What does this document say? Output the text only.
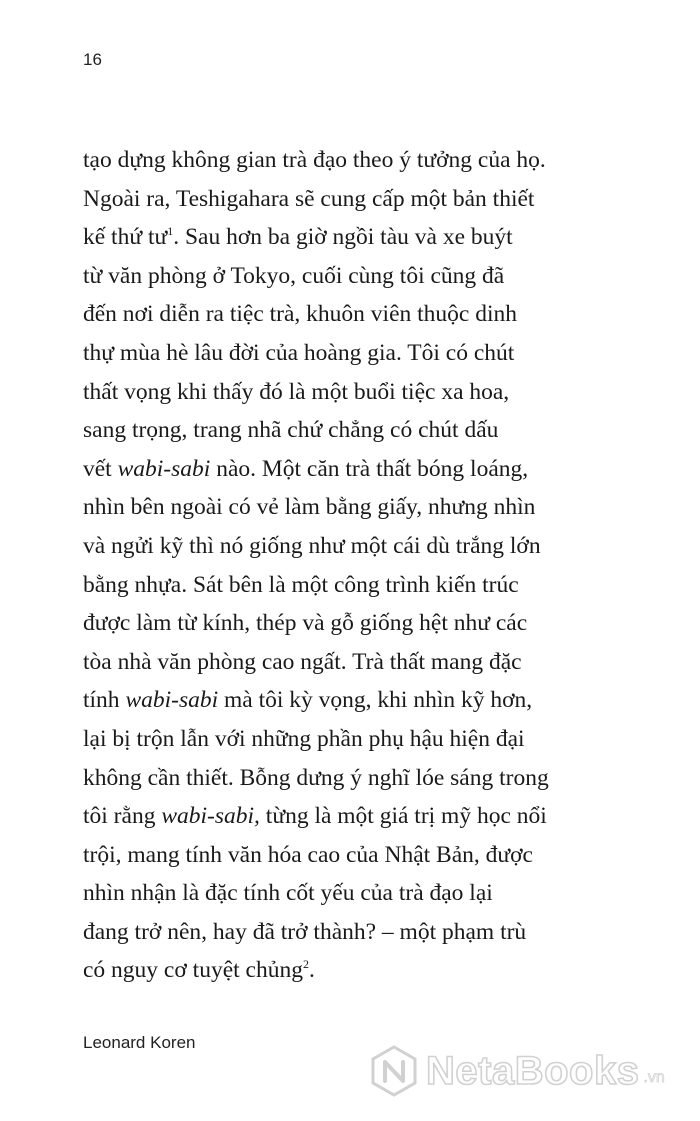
16
tạo dựng không gian trà đạo theo ý tưởng của họ.
Ngoài ra, Teshigahara sẽ cung cấp một bản thiết
kế thứ $tư^1$. Sau hơn ba giờ ngồi tàu và xe buýt
từ văn phòng ở Tokyo, cuối cùng tôi cũng đã
đến nơi diễn ra tiệc trà, khuôn viên thuộc dinh
thự mùa hè lâu đời của hoàng gia. Tôi có chút
thất vọng khi thấy đó là một buổi tiệc xa hoa,
sang trọng, trang nhã chứ chẳng có chút dấu
vết wabi-sabi nào. Một căn trà thất bóng loáng,
nhìn bên ngoài có vẻ làm bằng giấy, nhưng nhìn
và ngửi kỹ thì nó giống như một cái dù trắng lớn
bằng nhựa. Sát bên là một công trình kiến trúc
được làm từ kính, thép và gỗ giống hệt như các
tòa nhà văn phòng cao ngất. Trà thất mang đặc
tính wabi-sabi mà tôi kỳ vọng, khi nhìn kỹ hơn,
lại bị trộn lẫn với những phần phụ hậu hiện đại
không cần thiết. Bỗng dưng ý nghĩ lóe sáng trong
tôi rằng wabi-sabi, từng là một giá trị mỹ học nổi
trội, mang tính văn hóa cao của Nhật Bản, được
nhìn nhận là đặc tính cốt yếu của trà đạo lại
đang trở nên, hay đã trở thành? – một phạm trù
có nguy cơ tuyệt chủng$^2$.
Leonard Koren
NetaBooks .vn
